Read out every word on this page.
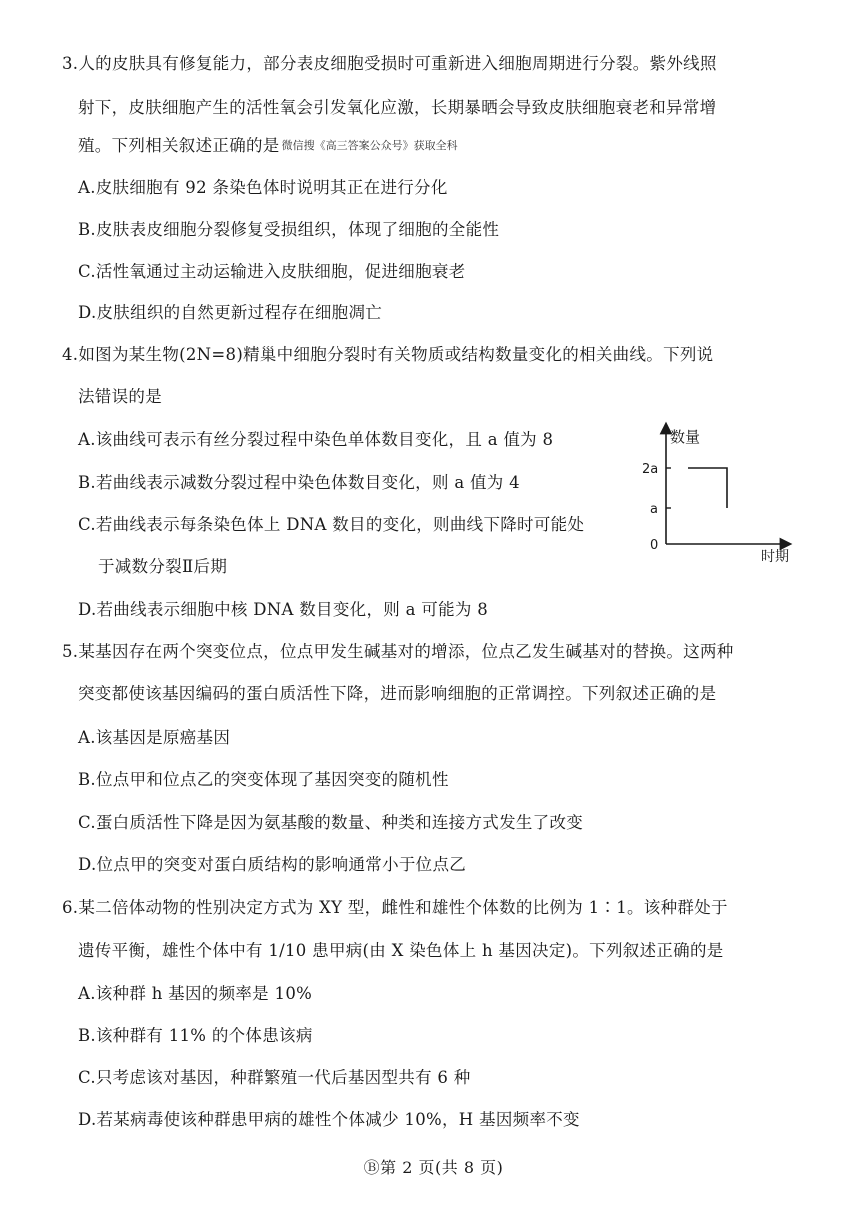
3.人的皮肤具有修复能力，部分表皮细胞受损时可重新进入细胞周期进行分裂。紫外线照
射下，皮肤细胞产生的活性氧会引发氧化应激，长期暴晒会导致皮肤细胞衰老和异常增
殖。下列相关叙述正确的是 微信搜《高三答案公众号》获取全科
A.皮肤细胞有 92 条染色体时说明其正在进行分化
B.皮肤表皮细胞分裂修复受损组织，体现了细胞的全能性
C.活性氧通过主动运输进入皮肤细胞，促进细胞衰老
D.皮肤组织的自然更新过程存在细胞凋亡
4.如图为某生物(2N=8)精巢中细胞分裂时有关物质或结构数量变化的相关曲线。下列说
法错误的是
A.该曲线可表示有丝分裂过程中染色单体数目变化，且 a 值为 8
B.若曲线表示减数分裂过程中染色体数目变化，则 a 值为 4
C.若曲线表示每条染色体上 DNA 数目的变化，则曲线下降时可能处
于减数分裂Ⅱ后期
D.若曲线表示细胞中核 DNA 数目变化，则 a 可能为 8
数量
时期
2a
a
0
5.某基因存在两个突变位点，位点甲发生碱基对的增添，位点乙发生碱基对的替换。这两种
突变都使该基因编码的蛋白质活性下降，进而影响细胞的正常调控。下列叙述正确的是
A.该基因是原癌基因
B.位点甲和位点乙的突变体现了基因突变的随机性
C.蛋白质活性下降是因为氨基酸的数量、种类和连接方式发生了改变
D.位点甲的突变对蛋白质结构的影响通常小于位点乙
6.某二倍体动物的性别决定方式为 XY 型，雌性和雄性个体数的比例为 1∶1。该种群处于
遗传平衡，雄性个体中有 1/10 患甲病(由 X 染色体上 h 基因决定)。下列叙述正确的是
A.该种群 h 基因的频率是 10%
B.该种群有 11% 的个体患该病
C.只考虑该对基因，种群繁殖一代后基因型共有 6 种
D.若某病毒使该种群患甲病的雄性个体减少 10%，H 基因频率不变
Ⓑ第 2 页(共 8 页)
